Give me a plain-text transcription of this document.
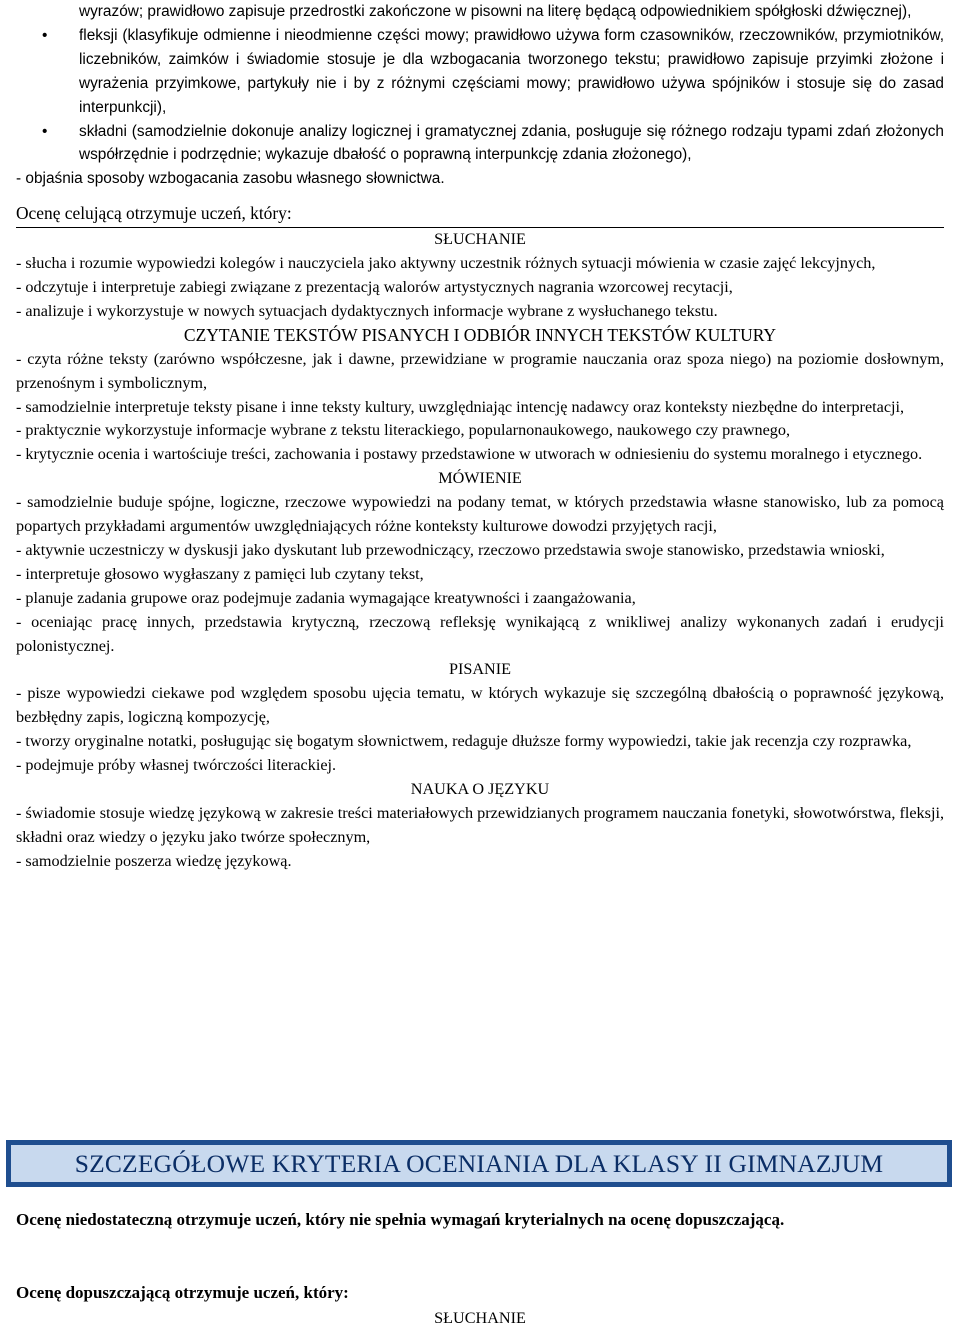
wyrazów; prawidłowo zapisuje przedrostki zakończone w pisowni na literę będącą odpowiednikiem spółgłoski dźwięcznej),

• fleksji (klasyfikuje odmienne i nieodmienne części mowy; prawidłowo używa form czasowników, rzeczowników, przymiotników, liczebników, zaimków i świadomie stosuje je dla wzbogacania tworzonego tekstu; prawidłowo zapisuje przyimki złożone i wyrażenia przyimkowe, partykuły nie i by z różnymi częściami mowy; prawidłowo używa spójników i stosuje się do zasad interpunkcji),

• składni (samodzielnie dokonuje analizy logicznej i gramatycznej zdania, posługuje się różnego rodzaju typami zdań złożonych współrzędnie i podrzędnie; wykazuje dbałość o poprawną interpunkcję zdania złożonego),

- objaśnia sposoby wzbogacania zasobu własnego słownictwa.

Ocenę celującą otrzymuje uczeń, który:

SŁUCHANIE

- słucha i rozumie wypowiedzi kolegów i nauczyciela jako aktywny uczestnik różnych sytuacji mówienia w czasie zajęć lekcyjnych,

- odczytuje i interpretuje zabiegi związane z prezentacją walorów artystycznych nagrania wzorcowej recytacji,

- analizuje i wykorzystuje w nowych sytuacjach dydaktycznych informacje wybrane z wysłuchanego tekstu.

CZYTANIE TEKSTÓW PISANYCH I ODBIÓR INNYCH TEKSTÓW KULTURY

- czyta różne teksty (zarówno współczesne, jak i dawne, przewidziane w programie nauczania oraz spoza niego) na poziomie dosłownym, przenośnym i symbolicznym,

- samodzielnie interpretuje teksty pisane i inne teksty kultury, uwzględniając intencję nadawcy oraz konteksty niezbędne do interpretacji,

- praktycznie wykorzystuje informacje wybrane z tekstu literackiego, popularnonaukowego, naukowego czy prawnego,

- krytycznie ocenia i wartościuje treści, zachowania i postawy przedstawione w utworach w odniesieniu do systemu moralnego i etycznego.

MÓWIENIE

- samodzielnie buduje spójne, logiczne, rzeczowe wypowiedzi na podany temat, w których przedstawia własne stanowisko, lub za pomocą popartych przykładami argumentów uwzględniających różne konteksty kulturowe dowodzi przyjętych racji,

- aktywnie uczestniczy w dyskusji jako dyskutant lub przewodniczący, rzeczowo przedstawia swoje stanowisko, przedstawia wnioski,

- interpretuje głosowo wygłaszany z pamięci lub czytany tekst,

- planuje zadania grupowe oraz podejmuje zadania wymagające kreatywności i zaangażowania,

- oceniając pracę innych, przedstawia krytyczną, rzeczową refleksję wynikającą z wnikliwej analizy wykonanych zadań i erudycji polonistycznej.

PISANIE

- pisze wypowiedzi ciekawe pod względem sposobu ujęcia tematu, w których wykazuje się szczególną dbałością o poprawność językową, bezbłędny zapis, logiczną kompozycję,

- tworzy oryginalne notatki, posługując się bogatym słownictwem, redaguje dłuższe formy wypowiedzi, takie jak recenzja czy rozprawka,

- podejmuje próby własnej twórczości literackiej.

NAUKA O JĘZYKU

- świadomie stosuje wiedzę językową w zakresie treści materiałowych przewidzianych programem nauczania fonetyki, słowotwórstwa, fleksji, składni oraz wiedzy o języku jako twórze społecznym,

- samodzielnie poszerza wiedzę językową.

SZCZEGÓŁOWE KRYTERIA OCENIANIA DLA KLASY II GIMNAZJUM

Ocenę niedostateczną otrzymuje uczeń, który nie spełnia wymagań kryterialnych na ocenę dopuszczającą.

Ocenę dopuszczającą otrzymuje uczeń, który:

SŁUCHANIE
